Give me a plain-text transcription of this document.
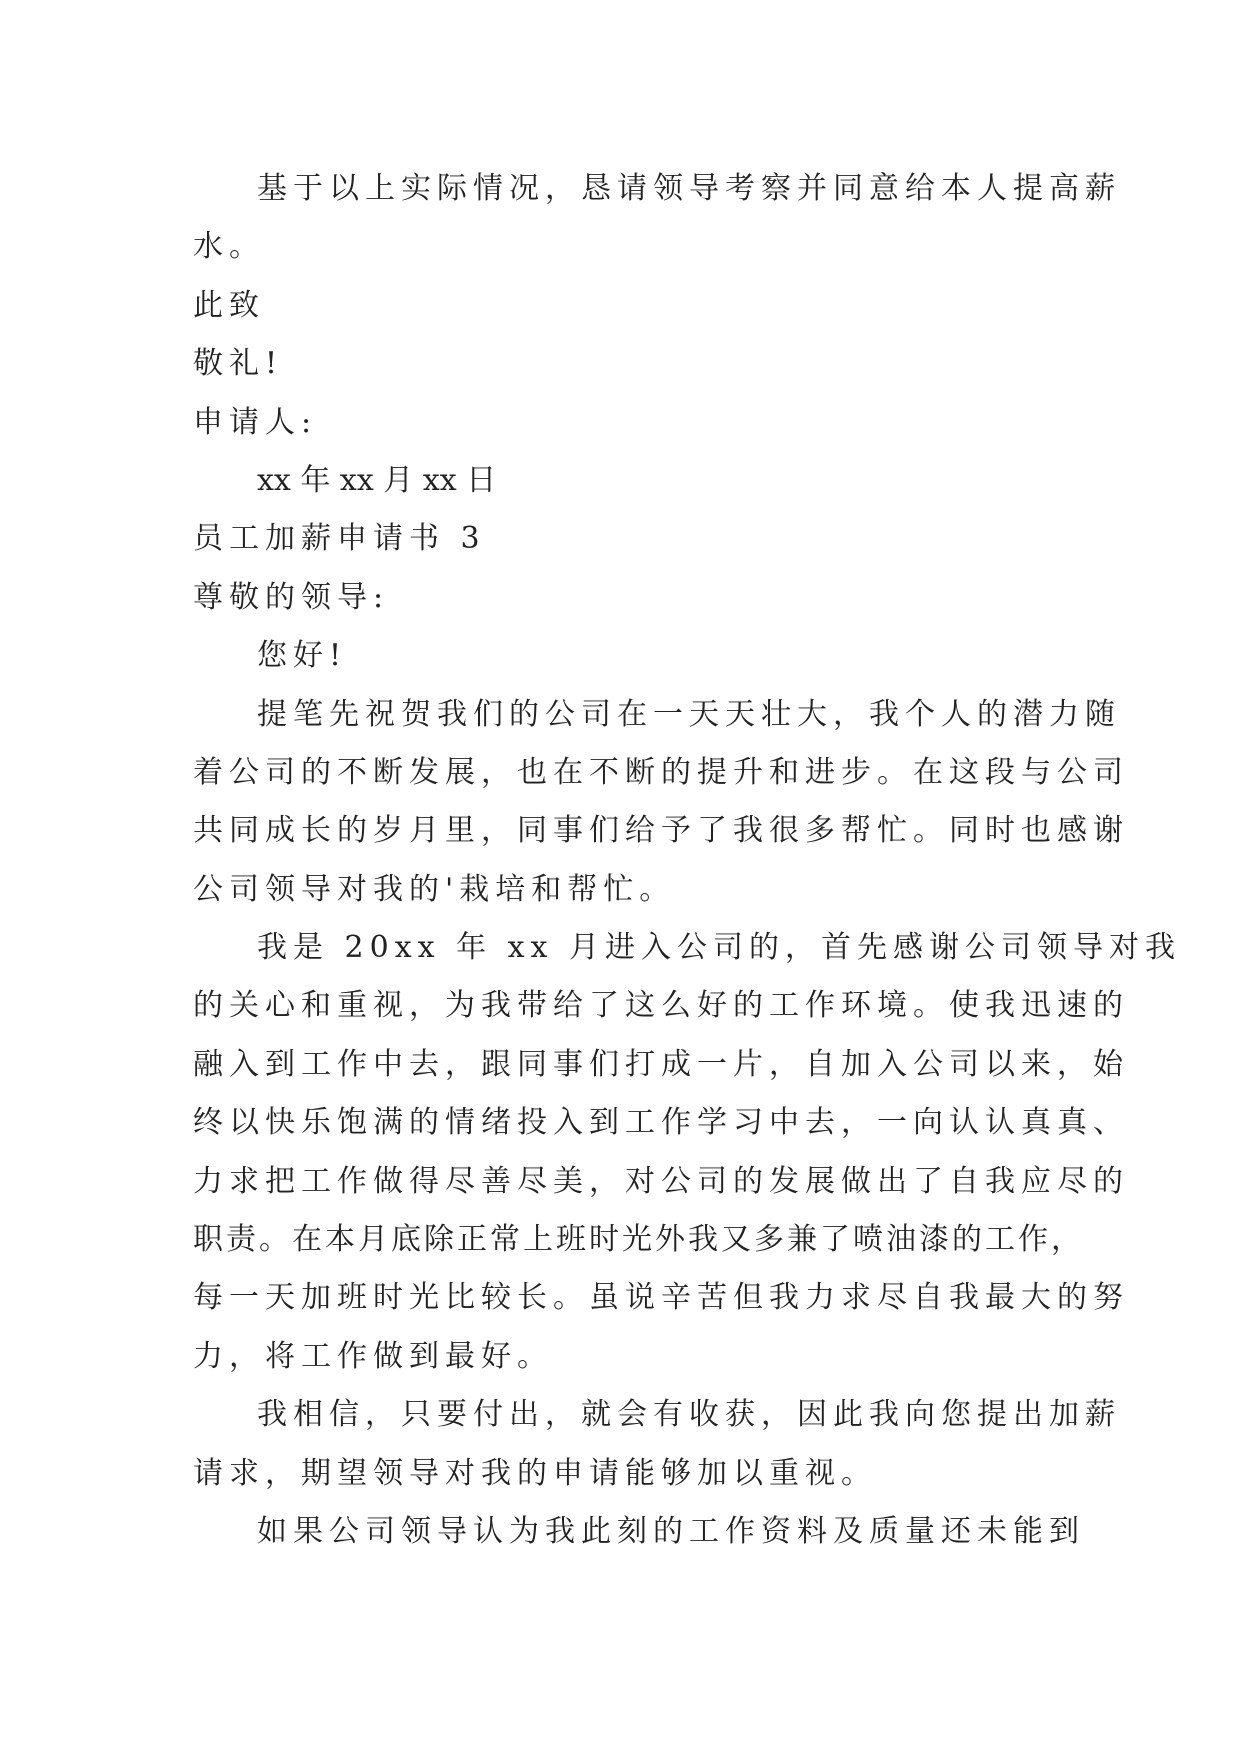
基于以上实际情况，恳请领导考察并同意给本人提高薪
水。
此致
敬礼!
申请人:
xx 年 xx 月 xx 日
员工加薪申请书 3
尊敬的领导:
您好!
提笔先祝贺我们的公司在一天天壮大，我个人的潜力随
着公司的不断发展，也在不断的提升和进步。在这段与公司
共同成长的岁月里，同事们给予了我很多帮忙。同时也感谢
公司领导对我的'栽培和帮忙。
我是 20xx 年 xx 月进入公司的，首先感谢公司领导对我
的关心和重视，为我带给了这么好的工作环境。使我迅速的
融入到工作中去，跟同事们打成一片，自加入公司以来，始
终以快乐饱满的情绪投入到工作学习中去，一向认认真真、
力求把工作做得尽善尽美，对公司的发展做出了自我应尽的
职责。在本月底除正常上班时光外我又多兼了喷油漆的工作，
每一天加班时光比较长。虽说辛苦但我力求尽自我最大的努
力，将工作做到最好。
我相信，只要付出，就会有收获，因此我向您提出加薪
请求，期望领导对我的申请能够加以重视。
如果公司领导认为我此刻的工作资料及质量还未能到
